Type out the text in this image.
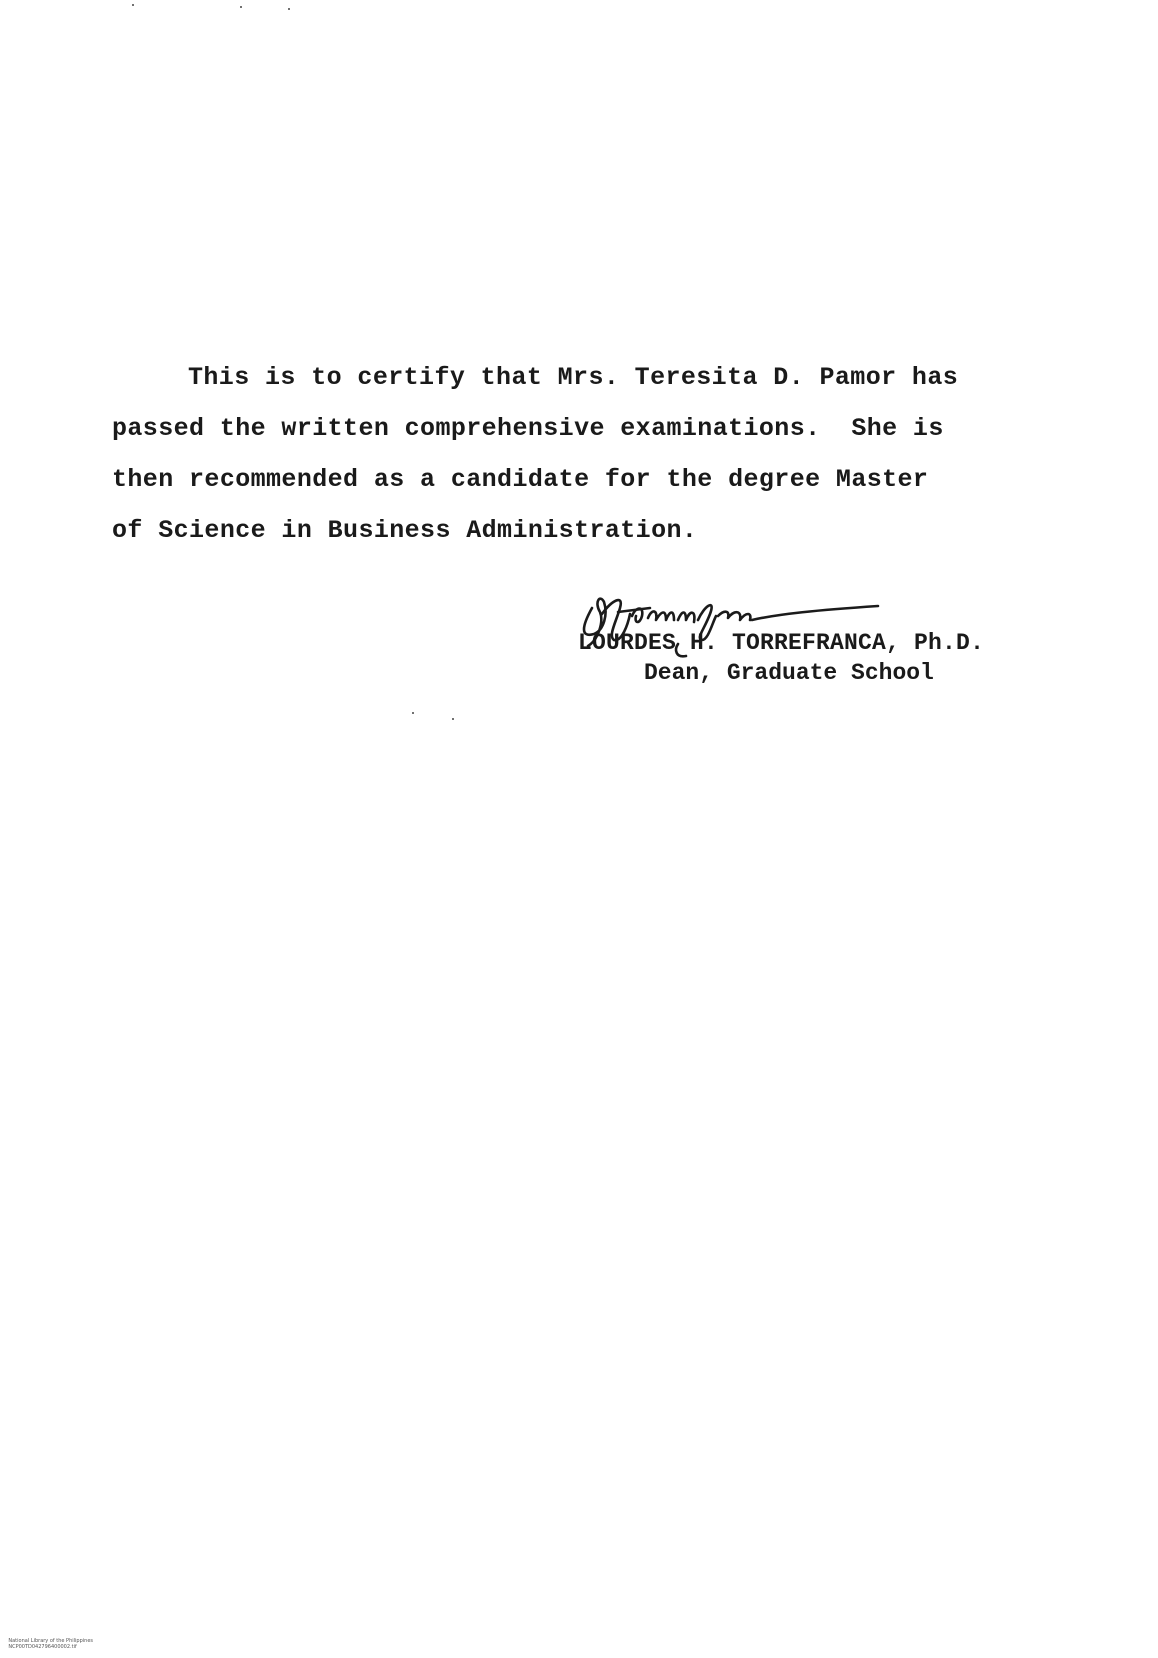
This is to certify that Mrs. Teresita D. Pamor has
passed the written comprehensive examinations.  She is
then recommended as a candidate for the degree Master
of Science in Business Administration.
LOURDES H. TORREFRANCA, Ph.D.
Dean, Graduate School

National Library of the Philippines
NCP00TD042796400002.tif
